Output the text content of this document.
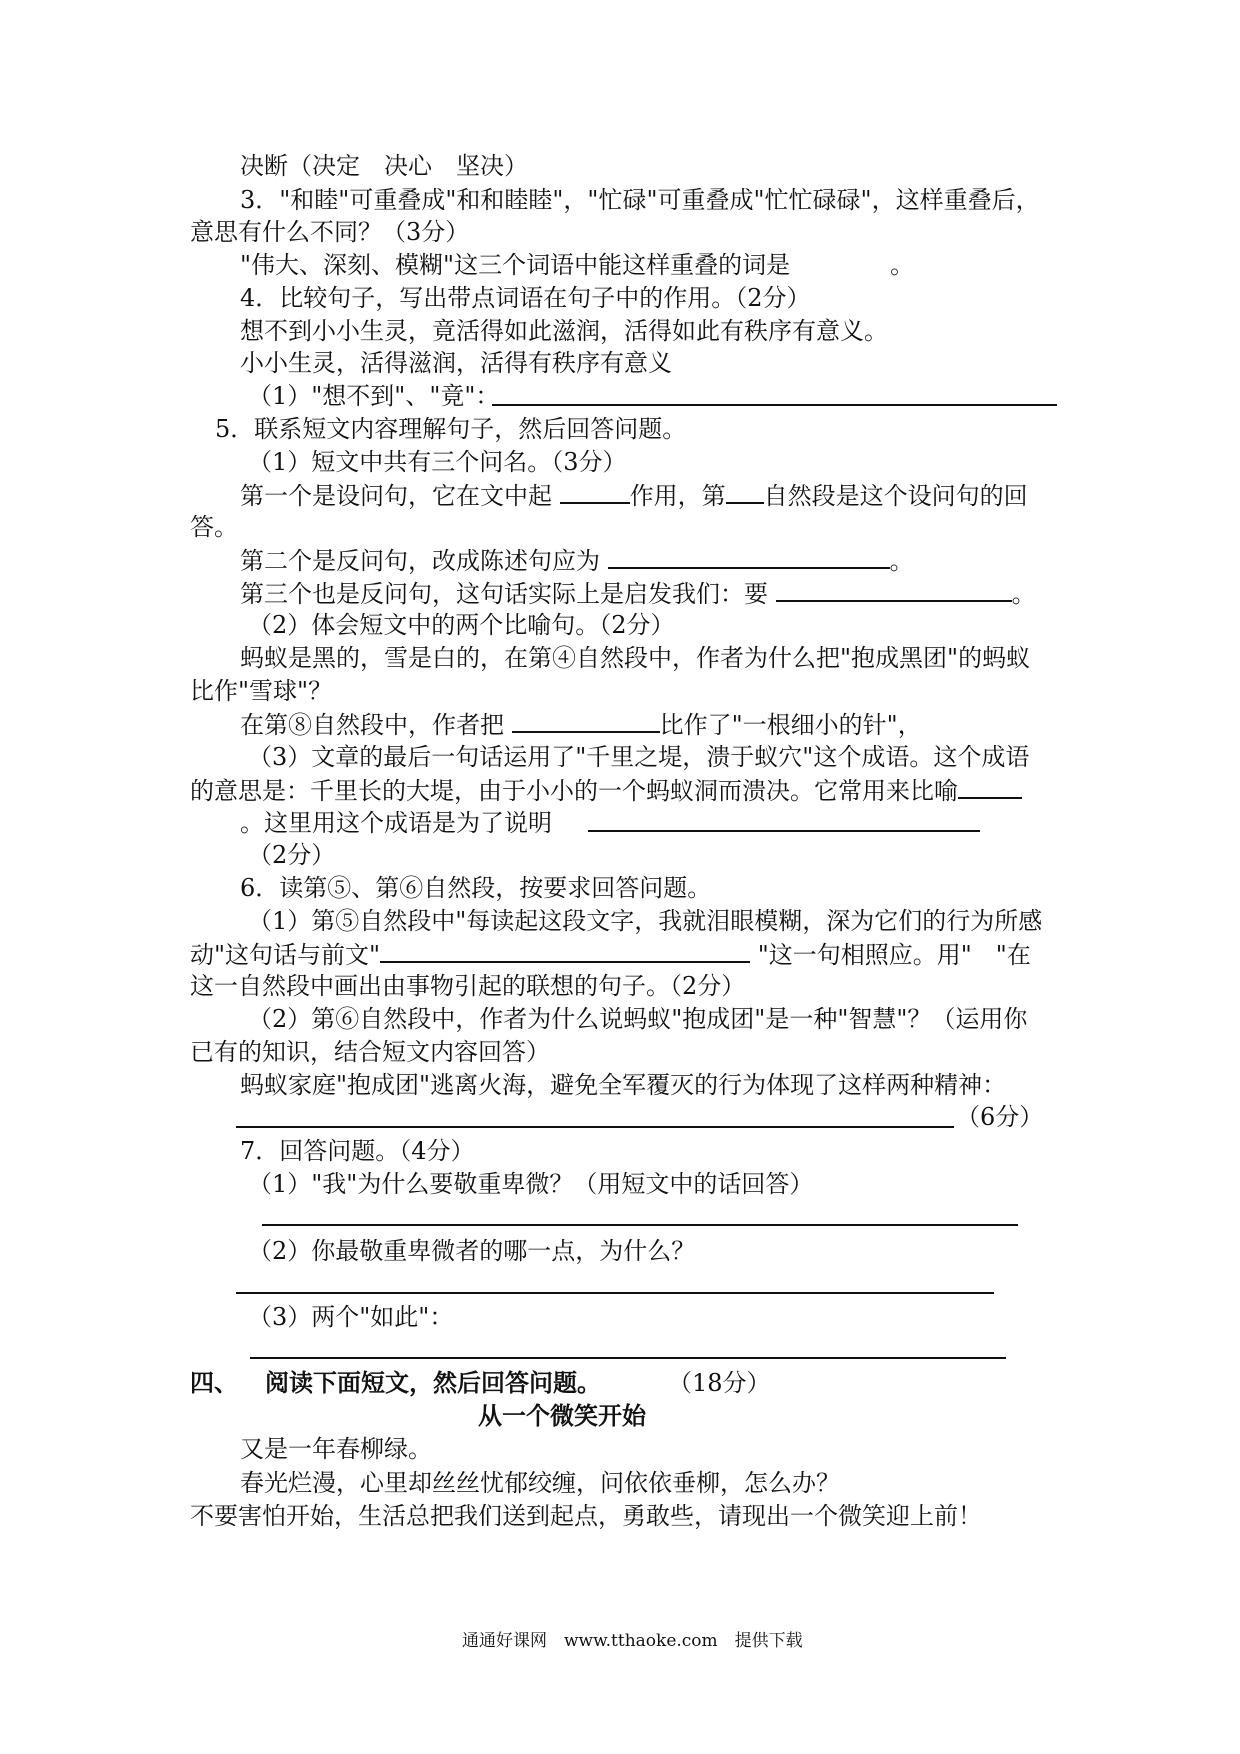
决断（决定　决心　坚决）
3．"和睦"可重叠成"和和睦睦"，"忙碌"可重叠成"忙忙碌碌"，这样重叠后，
意思有什么不同？（3分）
"伟大、深刻、模糊"这三个词语中能这样重叠的词是	。
4．比较句子，写出带点词语在句子中的作用。（2分）
想不到小小生灵，竟活得如此滋润，活得如此有秩序有意义。
小小生灵，活得滋润，活得有秩序有意义
（1）"想不到"、"竟"：
5．联系短文内容理解句子，然后回答问题。
（1）短文中共有三个问名。（3分）
第一个是设问句，它在文中起	作用，第 自然段是这个设问句的回
答。
第二个是反问句，改成陈述句应为	。
第三个也是反问句，这句话实际上是启发我们：要	。
（2）体会短文中的两个比喻句。（2分）
蚂蚁是黑的，雪是白的，在第④自然段中，作者为什么把"抱成黑团"的蚂蚁
比作"雪球"？
在第⑧自然段中，作者把	比作了"一根细小的针"，
（3）文章的最后一句话运用了"千里之堤，溃于蚁穴"这个成语。这个成语
的意思是：千里长的大堤，由于小小的一个蚂蚁洞而溃决。它常用来比喻
。这里用这个成语是为了说明
（2分）
6．读第⑤、第⑥自然段，按要求回答问题。
（1）第⑤自然段中"每读起这段文字，我就泪眼模糊，深为它们的行为所感
动"这句话与前文"	"这一句相照应。用"　"在
这一自然段中画出由事物引起的联想的句子。（2分）
（2）第⑥自然段中，作者为什么说蚂蚁"抱成团"是一种"智慧"？（运用你
已有的知识，结合短文内容回答）
蚂蚁家庭"抱成团"逃离火海，避免全军覆灭的行为体现了这样两种精神：
（6分）
7．回答问题。（4分）
（1）"我"为什么要敬重卑微？（用短文中的话回答）
（2）你最敬重卑微者的哪一点，为什么？
（3）两个"如此"：
四、 阅读下面短文，然后回答问题。	（18分）
从一个微笑开始
又是一年春柳绿。
春光烂漫，心里却丝丝忧郁绞缠，问依依垂柳，怎么办？
不要害怕开始，生活总把我们送到起点，勇敢些，请现出一个微笑迎上前！
通通好课网　www.tthaoke.com　提供下载
